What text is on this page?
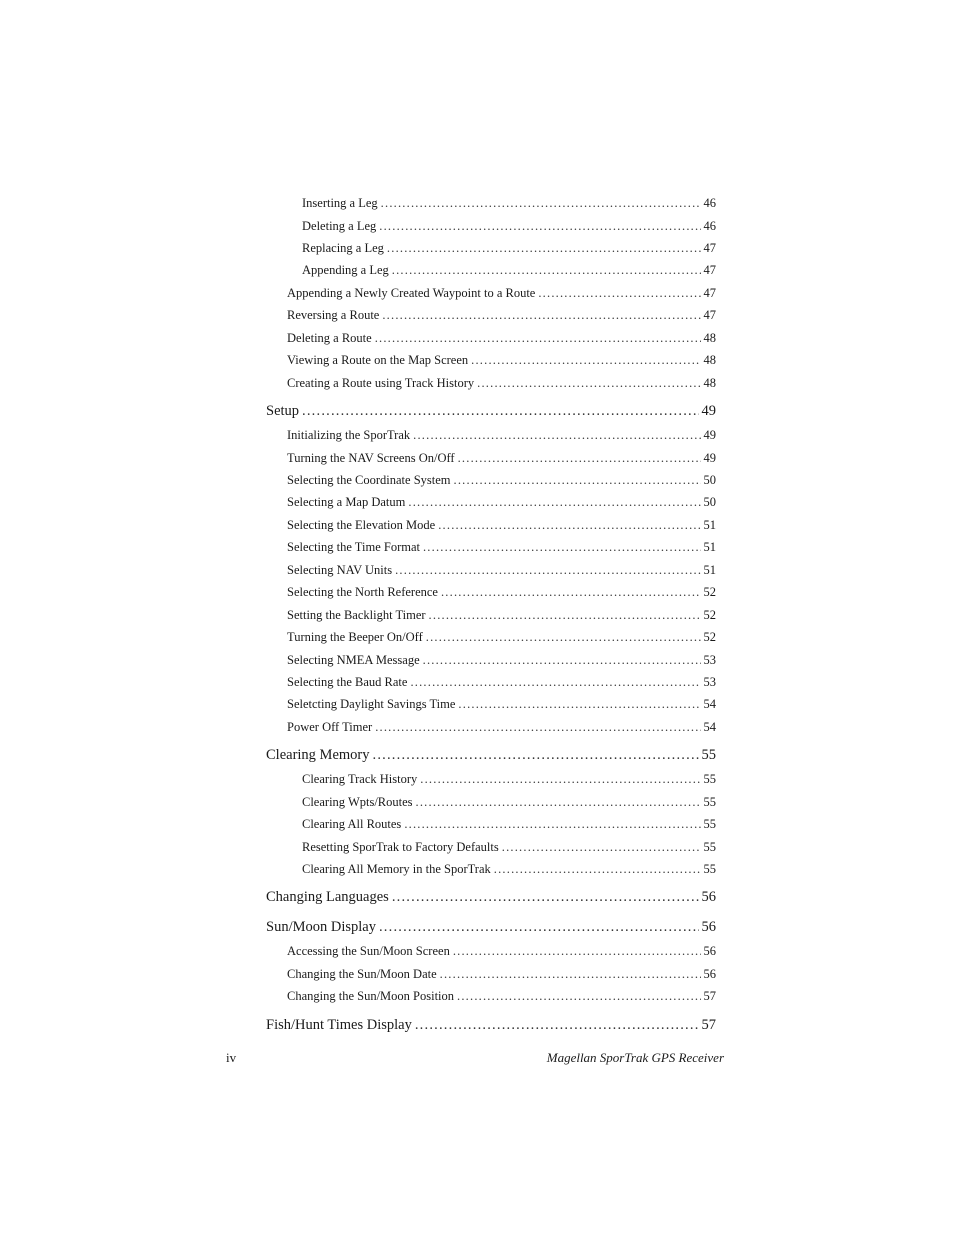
Inserting a Leg .....	46
Deleting a Leg .....	46
Replacing a Leg .....	47
Appending a Leg .....	47
Appending a Newly Created Waypoint to a Route .....	47
Reversing a Route .....	47
Deleting a Route .....	48
Viewing a Route on the Map Screen .....	48
Creating a Route using Track History .....	48
Setup .....	49
Initializing the SporTrak .....	49
Turning the NAV Screens On/Off .....	49
Selecting the Coordinate System .....	50
Selecting a Map Datum .....	50
Selecting the Elevation Mode .....	51
Selecting the Time Format .....	51
Selecting NAV Units .....	51
Selecting the North Reference .....	52
Setting the Backlight Timer .....	52
Turning the Beeper On/Off .....	52
Selecting NMEA Message .....	53
Selecting the Baud Rate .....	53
Seletcting Daylight Savings Time .....	54
Power Off Timer .....	54
Clearing Memory .....	55
Clearing Track History .....	55
Clearing Wpts/Routes .....	55
Clearing All Routes .....	55
Resetting SporTrak to Factory Defaults .....	55
Clearing All Memory in the SporTrak .....	55
Changing Languages .....	56
Sun/Moon Display .....	56
Accessing the Sun/Moon Screen .....	56
Changing the Sun/Moon Date .....	56
Changing the Sun/Moon Position .....	57
Fish/Hunt Times Display .....	57
iv	Magellan SporTrak GPS Receiver
